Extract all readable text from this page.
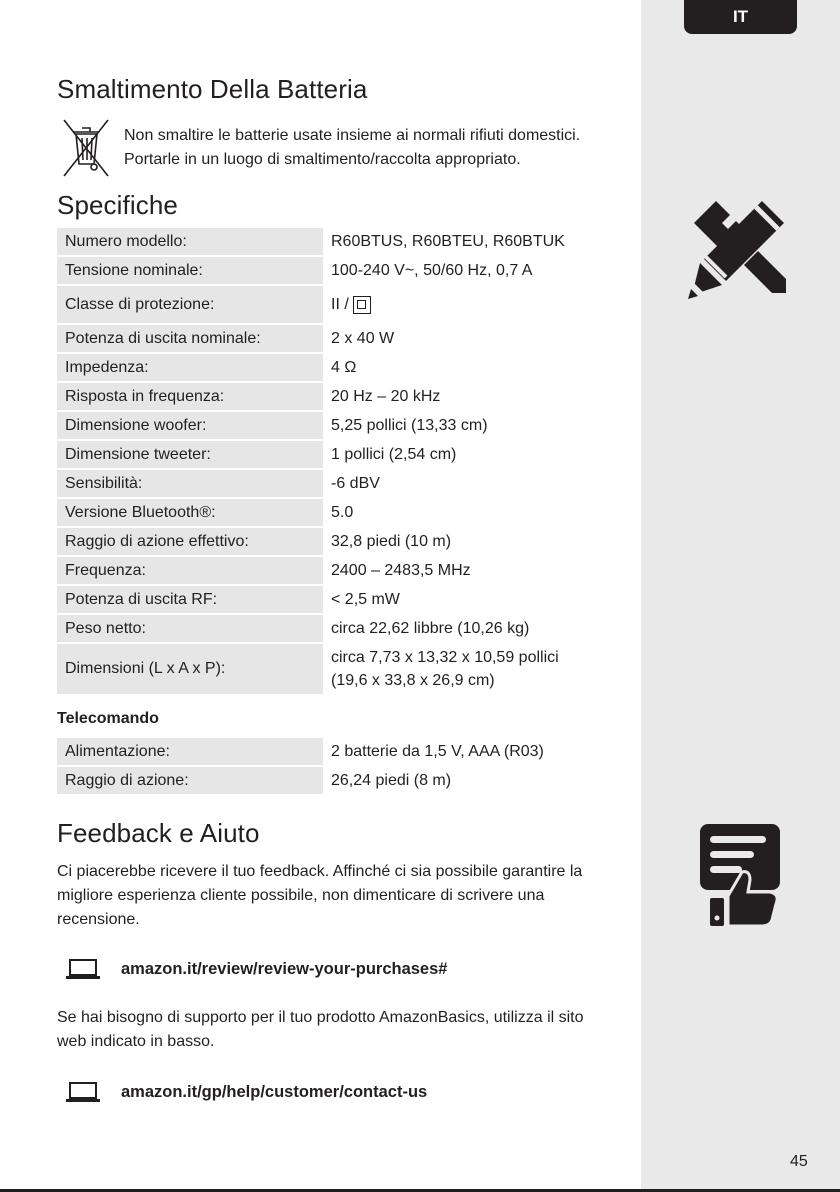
IT
45
Smaltimento Della Batteria
Non smaltire le batterie usate insieme ai normali rifiuti domestici.
Portarle in un luogo di smaltimento/raccolta appropriato.
Specifiche
Numero modello:	R60BTUS, R60BTEU, R60BTUK
Tensione nominale:	100-240 V~, 50/60 Hz, 0,7 A
Classe di protezione:	II /
Potenza di uscita nominale:	2 x 40 W
Impedenza:	4 Ω
Risposta in frequenza:	20 Hz – 20 kHz
Dimensione woofer:	5,25 pollici (13,33 cm)
Dimensione tweeter:	1 pollici (2,54 cm)
Sensibilità:	-6 dBV
Versione Bluetooth®:	5.0
Raggio di azione effettivo:	32,8 piedi (10 m)
Frequenza:	2400 – 2483,5 MHz
Potenza di uscita RF:	< 2,5 mW
Peso netto:	circa 22,62 libbre (10,26 kg)
Dimensioni (L x A x P):
circa 7,73 x 13,32 x 10,59 pollici
(19,6 x 33,8 x 26,9 cm)
Telecomando
Alimentazione:	2 batterie da 1,5 V, AAA (R03)
Raggio di azione:	26,24 piedi (8 m)
Feedback e Aiuto
Ci piacerebbe ricevere il tuo feedback. Affinché ci sia possibile garantire la migliore esperienza cliente possibile, non dimenticare di scrivere una recensione.
amazon.it/review/review-your-purchases#
Se hai bisogno di supporto per il tuo prodotto AmazonBasics, utilizza il sito web indicato in basso.
amazon.it/gp/help/customer/contact-us
